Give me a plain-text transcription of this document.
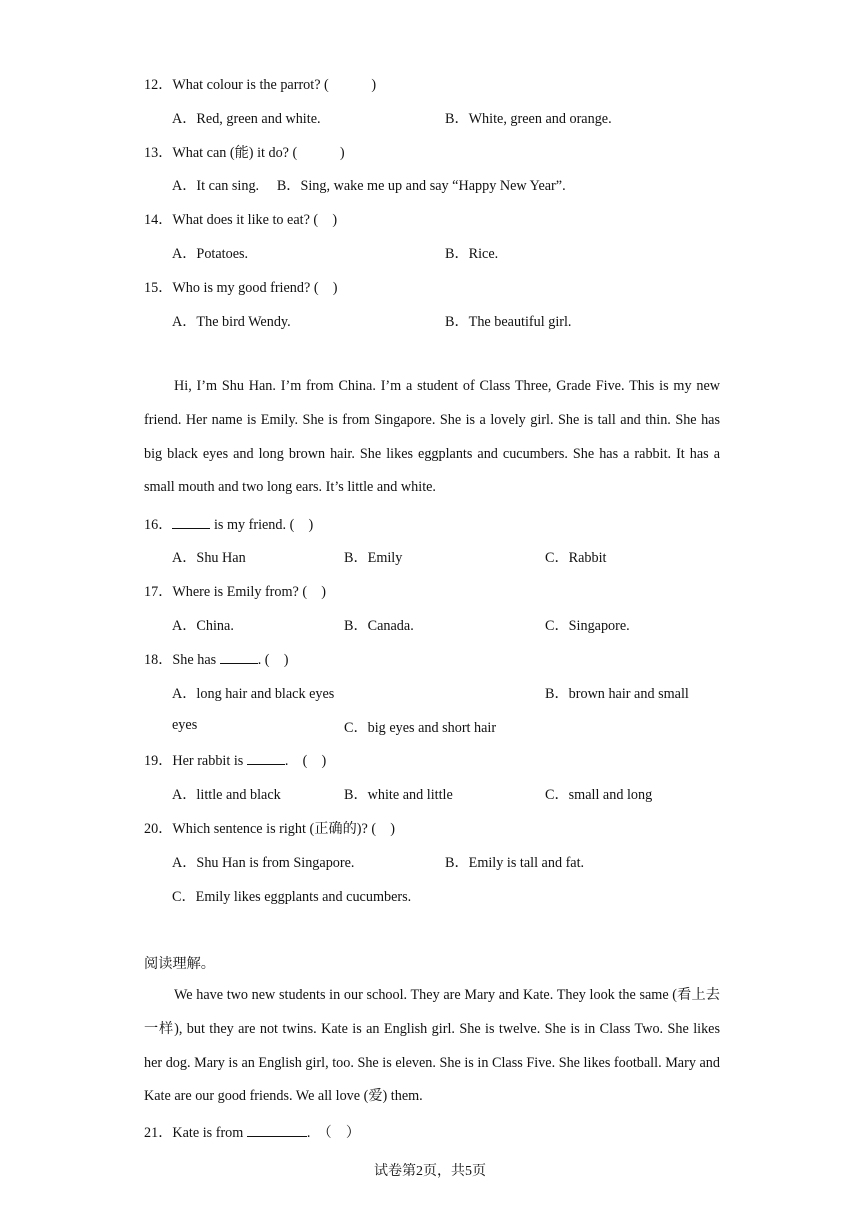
12．What colour is the parrot? (　　　)
A．Red, green and white.	B．White, green and orange.
13．What can (能) it do? (　　　)
A．It can sing.　 B．Sing, wake me up and say “Happy New Year”.
14．What does it like to eat? (　)
A．Potatoes.	B．Rice.
15．Who is my good friend? (　)
A．The bird Wendy.	B．The beautiful girl.

Hi, I’m Shu Han. I’m from China. I’m a student of Class Three, Grade Five. This is my new friend. Her name is Emily. She is from Singapore. She is a lovely girl. She is tall and thin. She has big black eyes and long brown hair. She likes eggplants and cucumbers. She has a rabbit. It has a small mouth and two long ears. It’s little and white.

16．	is my friend. (　)
A．Shu Han	B．Emily	C．Rabbit
17．Where is Emily from? (　)
A．China.	B．Canada.	C．Singapore.
18．She has	. (　)
A．long hair and black eyes	B．brown hair and small
eyes	C．big eyes and short hair
19．Her rabbit is	.　(　)
A．little and black	B．white and little	C．small and long
20．Which sentence is right (正确的)? (　)
A．Shu Han is from Singapore.	B．Emily is tall and fat.
C．Emily likes eggplants and cucumbers.
阅读理解。

We have two new students in our school. They are Mary and Kate. They look the same (看上去一样), but they are not twins. Kate is an English girl. She is twelve. She is in Class Two. She likes her dog. Mary is an English girl, too. She is eleven. She is in Class Five. She likes football. Mary and Kate are our good friends. We all love (爱) them.

21．Kate is from	.　（　）
试卷第2页，共5页
